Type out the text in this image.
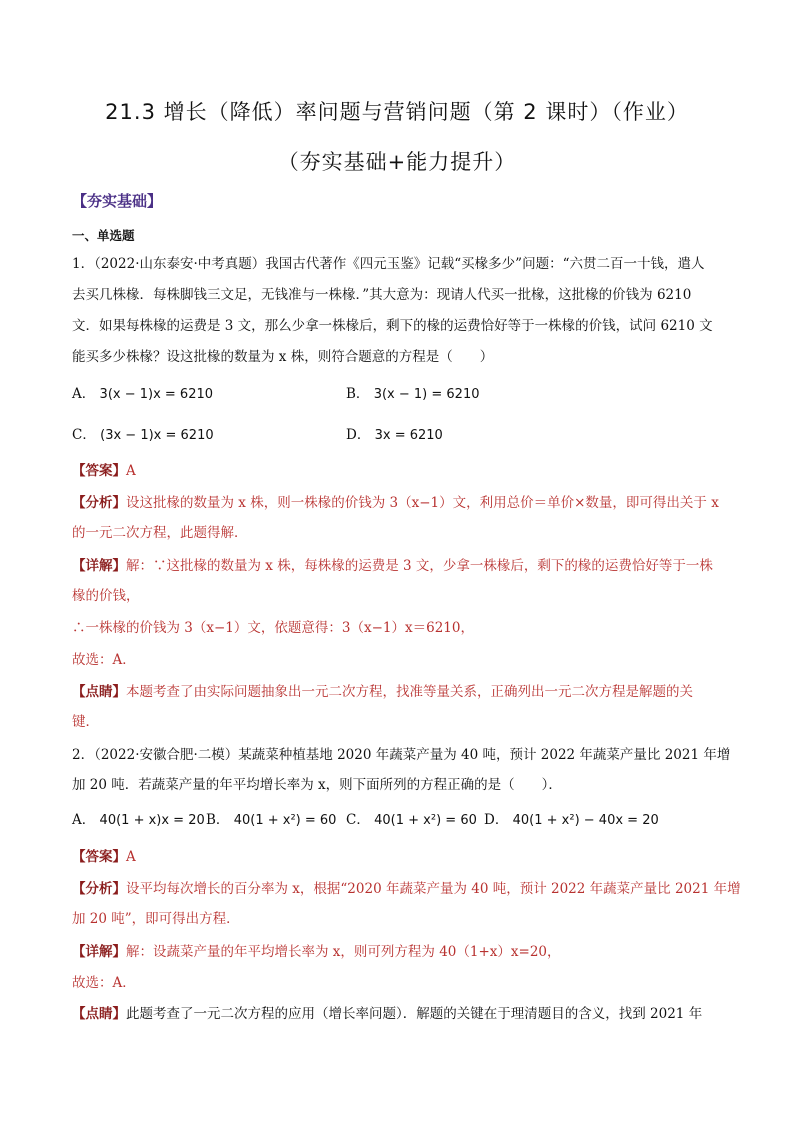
21.3 增长（降低）率问题与营销问题（第 2 课时）（作业）
（夯实基础+能力提升）
【夯实基础】
一、单选题
1．（2022·山东泰安·中考真题）我国古代著作《四元玉鉴》记载“买椽多少”问题：“六贯二百一十钱，遣人
去买几株椽．每株脚钱三文足，无钱准与一株椽．”其大意为：现请人代买一批椽，这批椽的价钱为 6210
文．如果每株椽的运费是 3 文，那么少拿一株椽后，剩下的椽的运费恰好等于一株椽的价钱，试问 6210 文
能买多少株椽？设这批椽的数量为 x 株，则符合题意的方程是（　　）
A． 3(x − 1)x = 6210	B． 3(x − 1) = 6210
C． (3x − 1)x = 6210	D． 3x = 6210
【答案】A
【分析】设这批椽的数量为 x 株，则一株椽的价钱为 3（x−1）文，利用总价＝单价×数量，即可得出关于 x
的一元二次方程，此题得解．
【详解】解：∵这批椽的数量为 x 株，每株椽的运费是 3 文，少拿一株椽后，剩下的椽的运费恰好等于一株
椽的价钱，
∴一株椽的价钱为 3（x−1）文，依题意得：3（x−1）x＝6210，
故选：A．
【点睛】本题考查了由实际问题抽象出一元二次方程，找准等量关系，正确列出一元二次方程是解题的关
键．
2．（2022·安徽合肥·二模）某蔬菜种植基地 2020 年蔬菜产量为 40 吨，预计 2022 年蔬菜产量比 2021 年增
加 20 吨．若蔬菜产量的年平均增长率为 x，则下面所列的方程正确的是（　　）．
A． 40(1 + x)x = 20 B． 40(1 + x²) = 60 C． 40(1 + x²) = 60 D． 40(1 + x²) − 40x = 20
【答案】A
【分析】设平均每次增长的百分率为 x，根据“2020 年蔬菜产量为 40 吨，预计 2022 年蔬菜产量比 2021 年增
加 20 吨”，即可得出方程．
【详解】解：设蔬菜产量的年平均增长率为 x，则可列方程为 40（1+x）x=20，
故选：A．
【点睛】此题考查了一元二次方程的应用（增长率问题）．解题的关键在于理清题目的含义，找到 2021 年
